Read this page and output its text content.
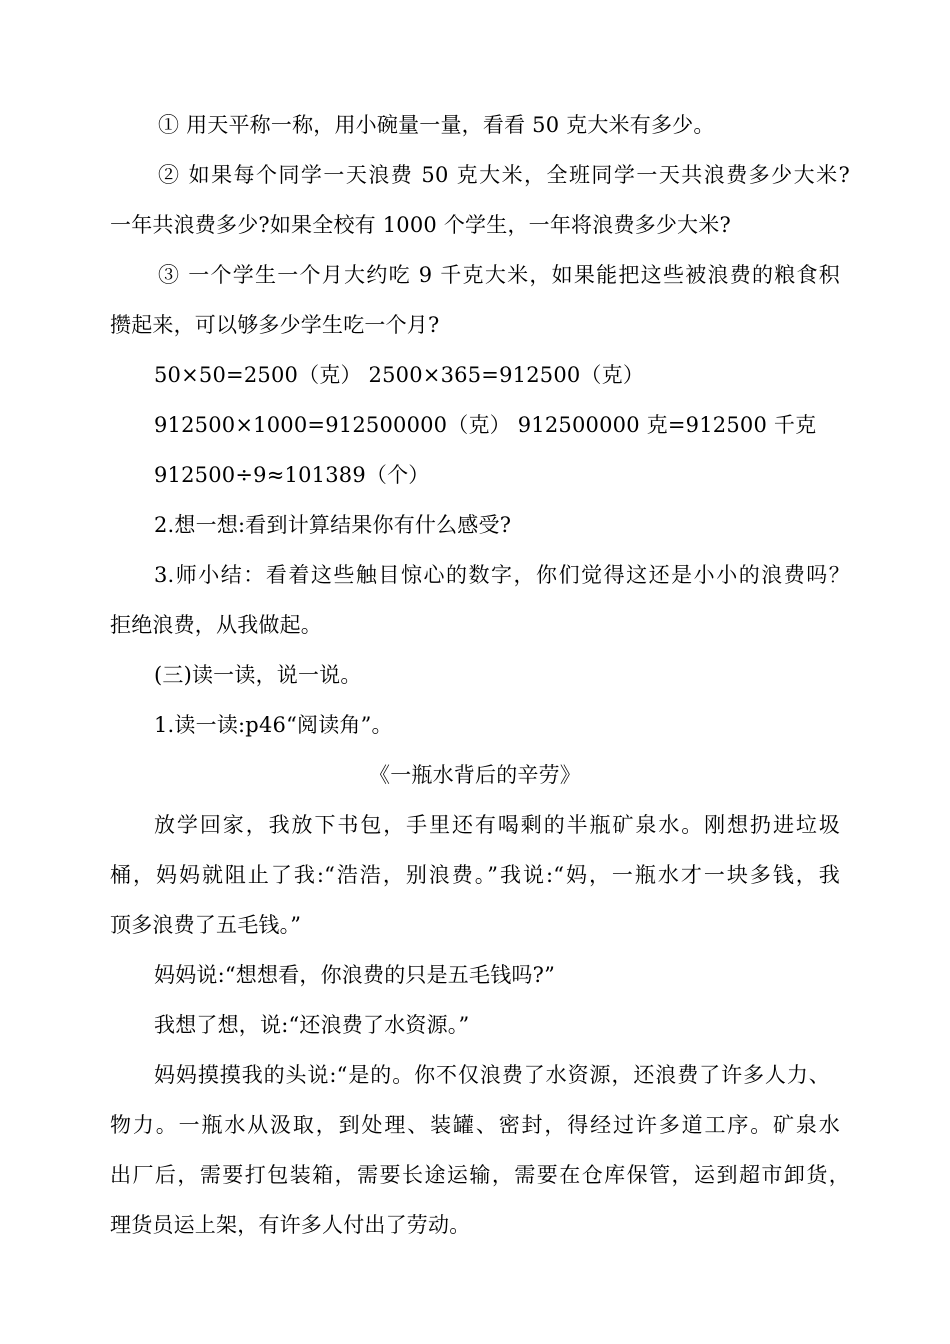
① 用天平称一称，用小碗量一量，看看 50 克大米有多少。
② 如果每个同学一天浪费 50 克大米，全班同学一天共浪费多少大米?
一年共浪费多少?如果全校有 1000 个学生，一年将浪费多少大米?
③ 一个学生一个月大约吃 9 千克大米，如果能把这些被浪费的粮食积
攒起来，可以够多少学生吃一个月?
50×50=2500（克） 2500×365=912500（克）
912500×1000=912500000（克） 912500000 克=912500 千克
912500÷9≈101389（个）
2.想一想:看到计算结果你有什么感受?
3.师小结：看着这些触目惊心的数字，你们觉得这还是小小的浪费吗？
拒绝浪费，从我做起。
(三)读一读，说一说。
1.读一读:p46“阅读角”。
《一瓶水背后的辛劳》
放学回家，我放下书包，手里还有喝剩的半瓶矿泉水。刚想扔进垃圾
桶，妈妈就阻止了我:“浩浩，别浪费。”我说:“妈，一瓶水才一块多钱，我
顶多浪费了五毛钱。”
妈妈说:“想想看，你浪费的只是五毛钱吗?”
我想了想，说:“还浪费了水资源。”
妈妈摸摸我的头说:“是的。你不仅浪费了水资源，还浪费了许多人力、
物力。一瓶水从汲取，到处理、装罐、密封，得经过许多道工序。矿泉水
出厂后，需要打包装箱，需要长途运输，需要在仓库保管，运到超市卸货，
理货员运上架，有许多人付出了劳动。
